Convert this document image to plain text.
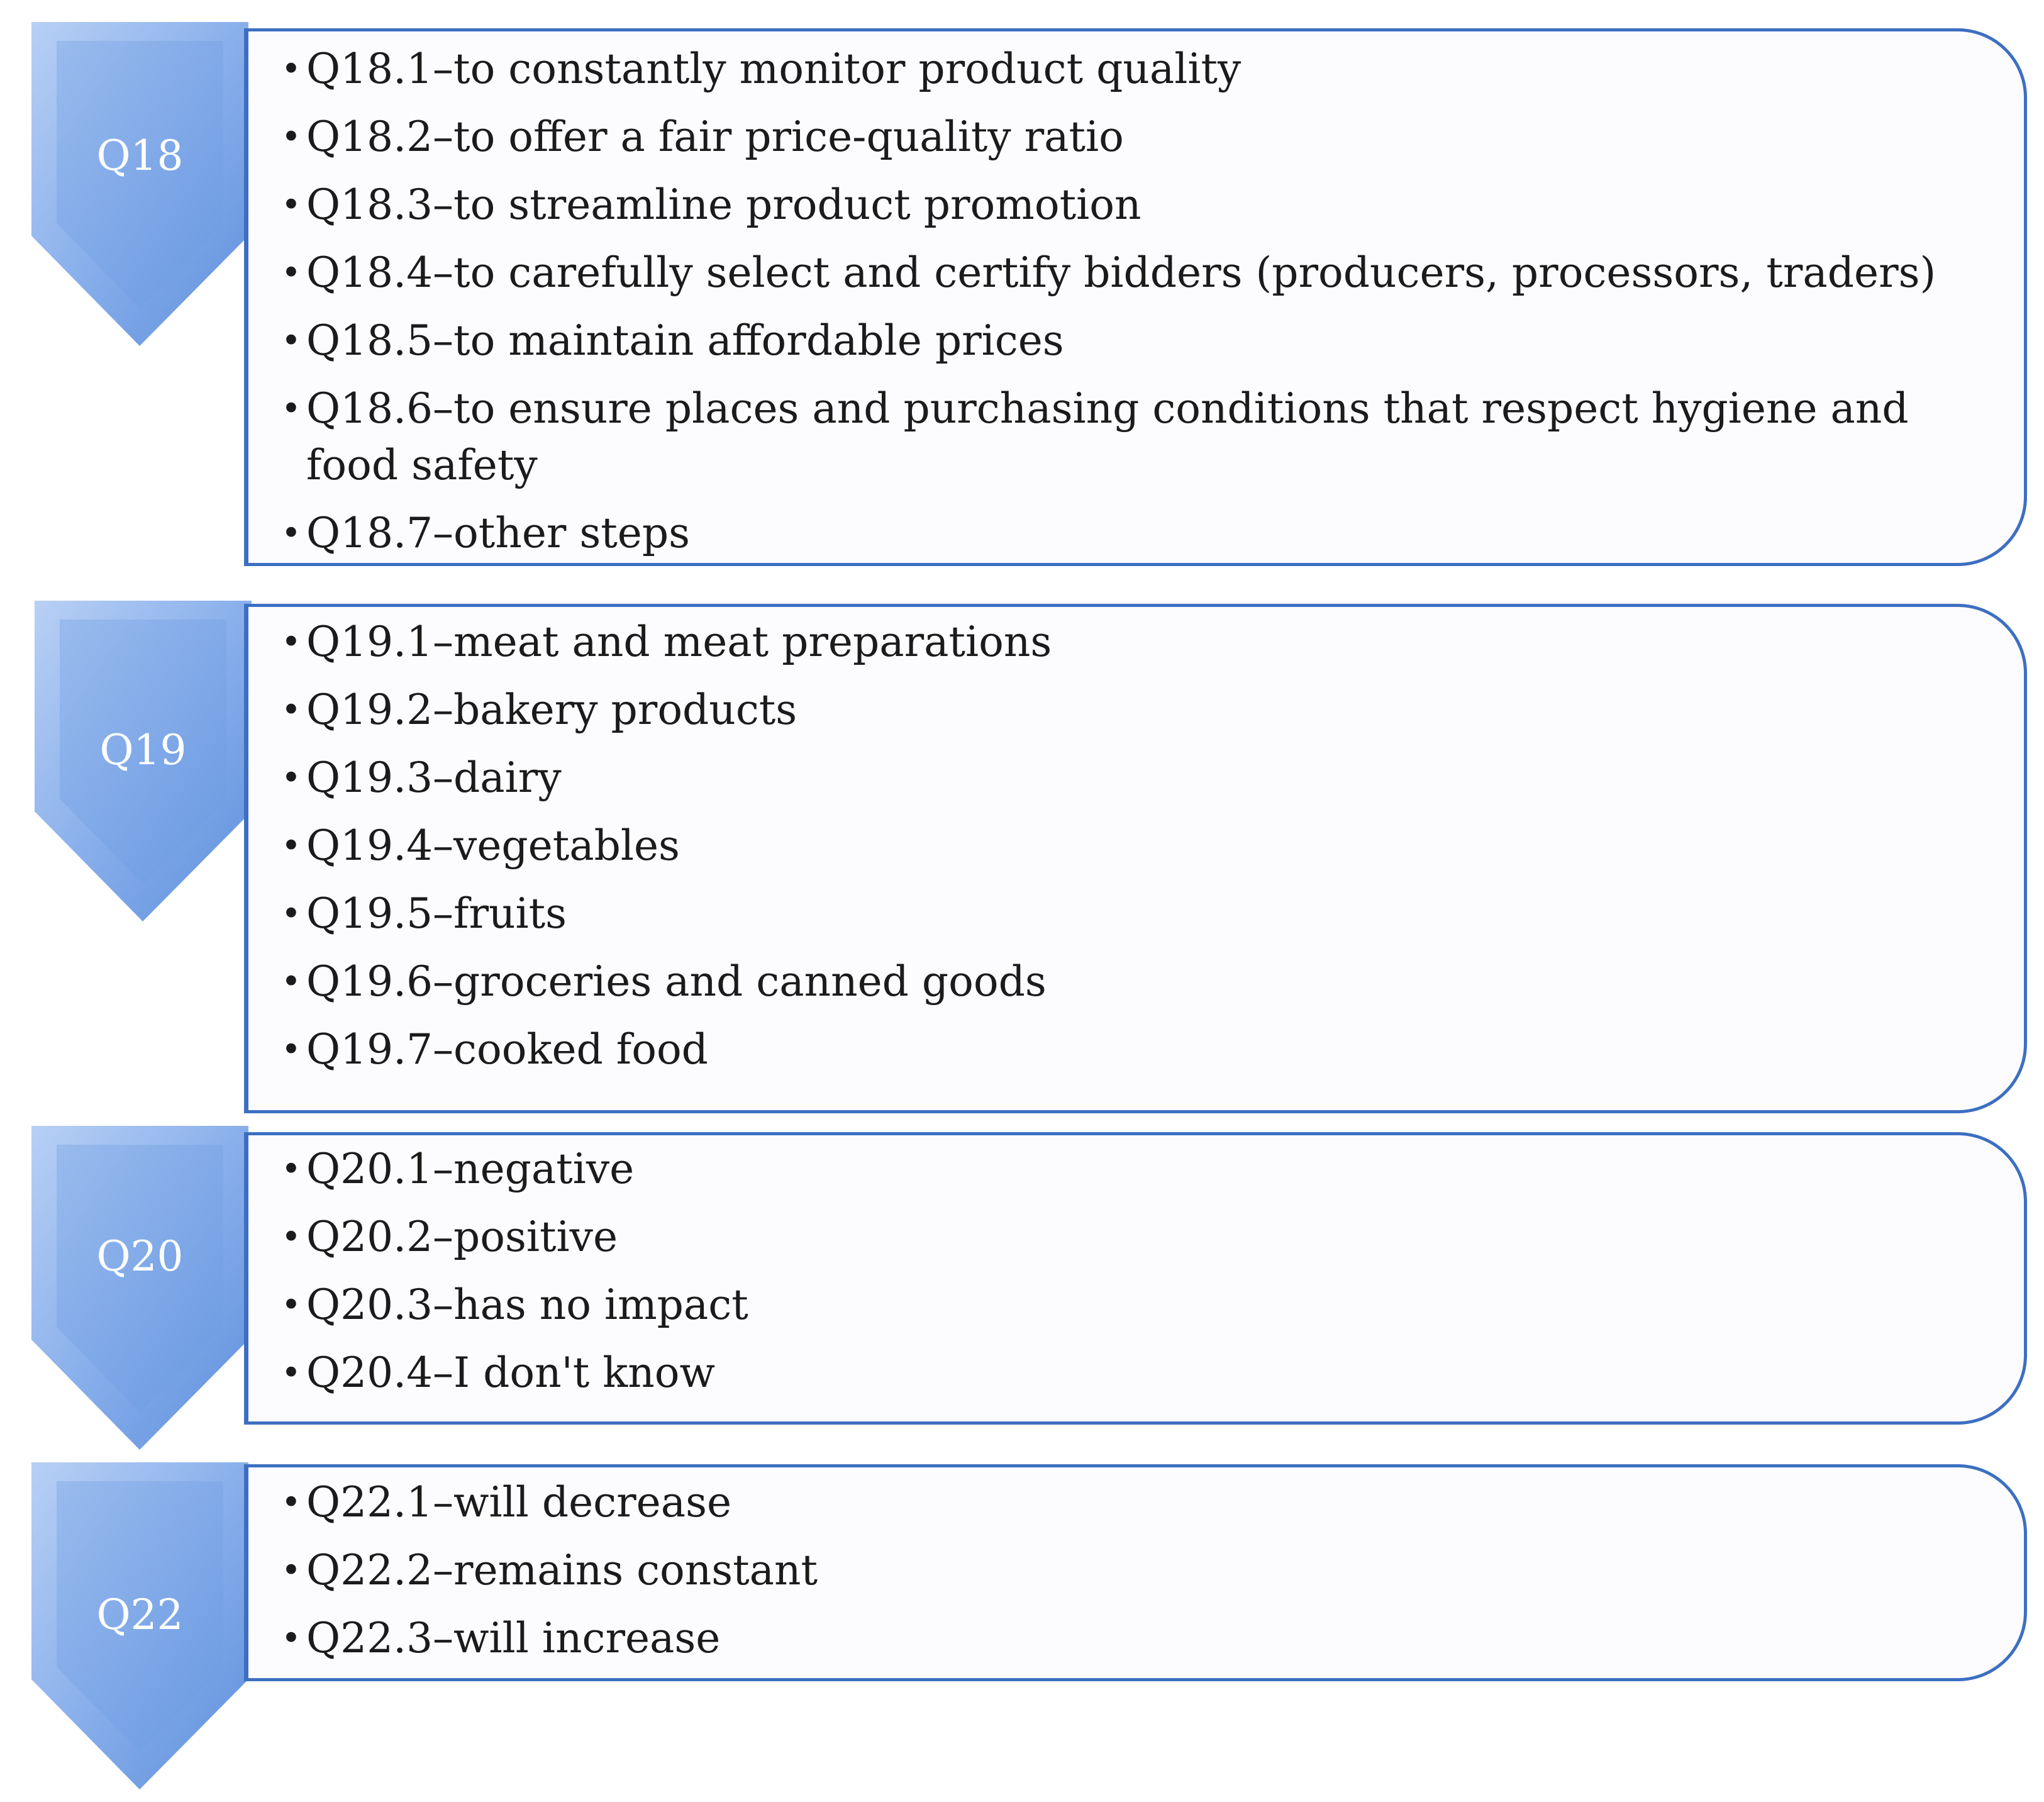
Q18
• Q18.1–to constantly monitor product quality
• Q18.2–to offer a fair price-quality ratio
• Q18.3–to streamline product promotion
• Q18.4–to carefully select and certify bidders (producers, processors, traders)
• Q18.5–to maintain affordable prices
• Q18.6–to ensure places and purchasing conditions that respect hygiene and food safety
• Q18.7–other steps
Q19
• Q19.1–meat and meat preparations
• Q19.2–bakery products
• Q19.3–dairy
• Q19.4–vegetables
• Q19.5–fruits
• Q19.6–groceries and canned goods
• Q19.7–cooked food
Q20
• Q20.1–negative
• Q20.2–positive
• Q20.3–has no impact
• Q20.4–I don't know
Q22
• Q22.1–will decrease
• Q22.2–remains constant
• Q22.3–will increase
